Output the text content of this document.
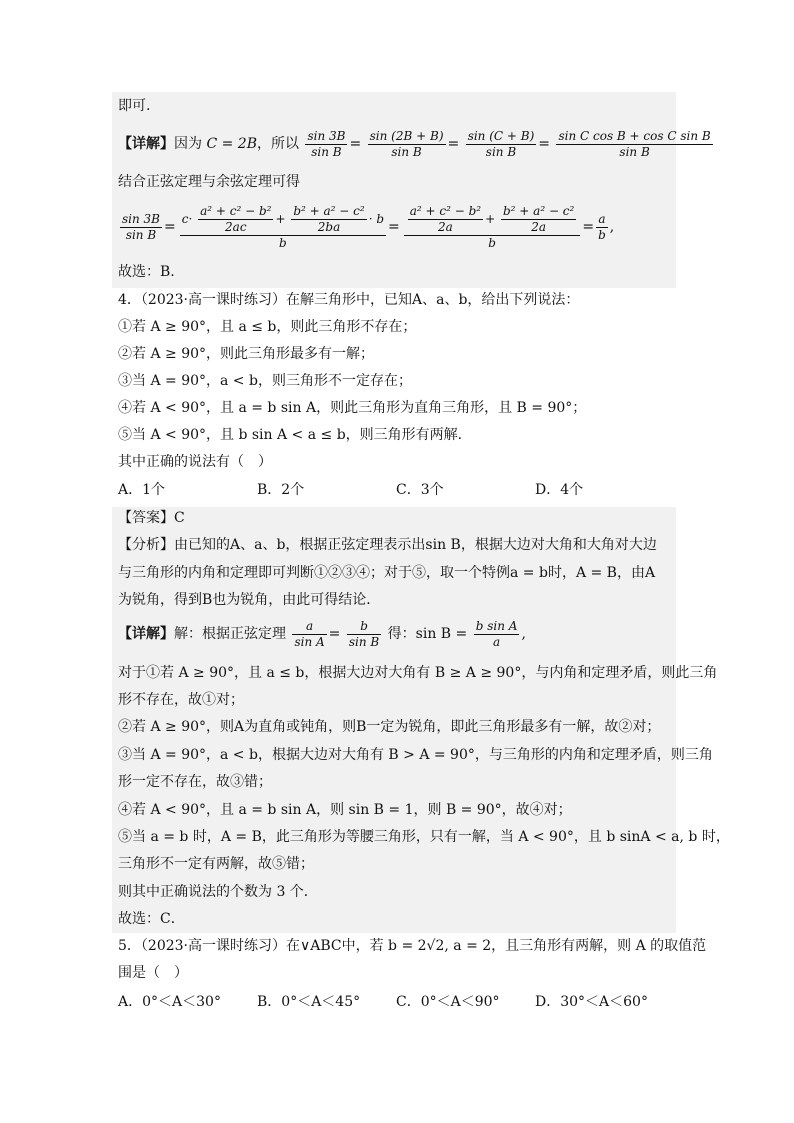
即可.
【详解】因为 C = 2B，所以 $\frac{\sin 3B}{\text{sin B}} = \frac{\sin (2B + B)}{\text{sin B}} = \frac{\sin (C + B)}{\text{sin B}} = \frac{\text{sin C cos B + cos C sin B}}{\text{sin B}}$
结合正弦定理与余弦定理可得
$\frac{\sin 3B}{\text{sin B}} = \frac{c\cdot \frac{\text{a² + c² − b²}}{2ac} + \frac{\text{b² + a² − c²}}{2ba} \cdot b}{b} = \frac{\frac{\text{a² + c² − b²}}{2a} + \frac{\text{b² + a² − c²}}{2a}}{b} = \frac{a}{b}$ ,
故选：B.
4．（2023·高一课时练习）在解三角形中，已知A、a、b，给出下列说法：
①若 A ≥ 90°，且 a ≤ b，则此三角形不存在；
②若 A ≥ 90°，则此三角形最多有一解；
③当 A = 90°，a < b，则三角形不一定存在；
④若 A < 90°，且 a = b sin A，则此三角形为直角三角形，且 B = 90°；
⑤当 A < 90°，且 b sin A < a ≤ b，则三角形有两解.
其中正确的说法有（　）
A．1个	B．2个	C．3个	D．4个
【答案】C
【分析】由已知的A、a、b，根据正弦定理表示出sin B，根据大边对大角和大角对大边
与三角形的内角和定理即可判断①②③④；对于⑤，取一个特例a = b时，A = B，由A
为锐角，得到B也为锐角，由此可得结论．
【详解】解：根据正弦定理 $\frac{a}{\text{sin A}} = \frac{b}{\text{sin B}}$ 得：$\sin B = \frac{\text{b sin A}}{a}$ ,
对于①若 A ≥ 90°，且 a ≤ b，根据大边对大角有 B ≥ A ≥ 90°，与内角和定理矛盾，则此三角
形不存在，故①对；
②若 A ≥ 90°，则A为直角或钝角，则B一定为锐角，即此三角形最多有一解，故②对；
③当 A = 90°，a < b，根据大边对大角有 B > A = 90°，与三角形的内角和定理矛盾，则三角
形一定不存在，故③错；
④若 A < 90°，且 a = b sin A，则 sin B = 1，则 B = 90°，故④对；
⑤当 a = b 时，A = B，此三角形为等腰三角形，只有一解，当 A < 90°，且 b sinA < a, b 时，
三角形不一定有两解，故⑤错；
则其中正确说法的个数为 3 个．
故选：C．
5．（2023·高一课时练习）在∨ABC中，若 b = 2√2, a = 2，且三角形有两解，则 A 的取值范
围是（　）
A．0°＜A＜30°	B．0°＜A＜45°	C．0°＜A＜90°	D．30°＜A＜60°
